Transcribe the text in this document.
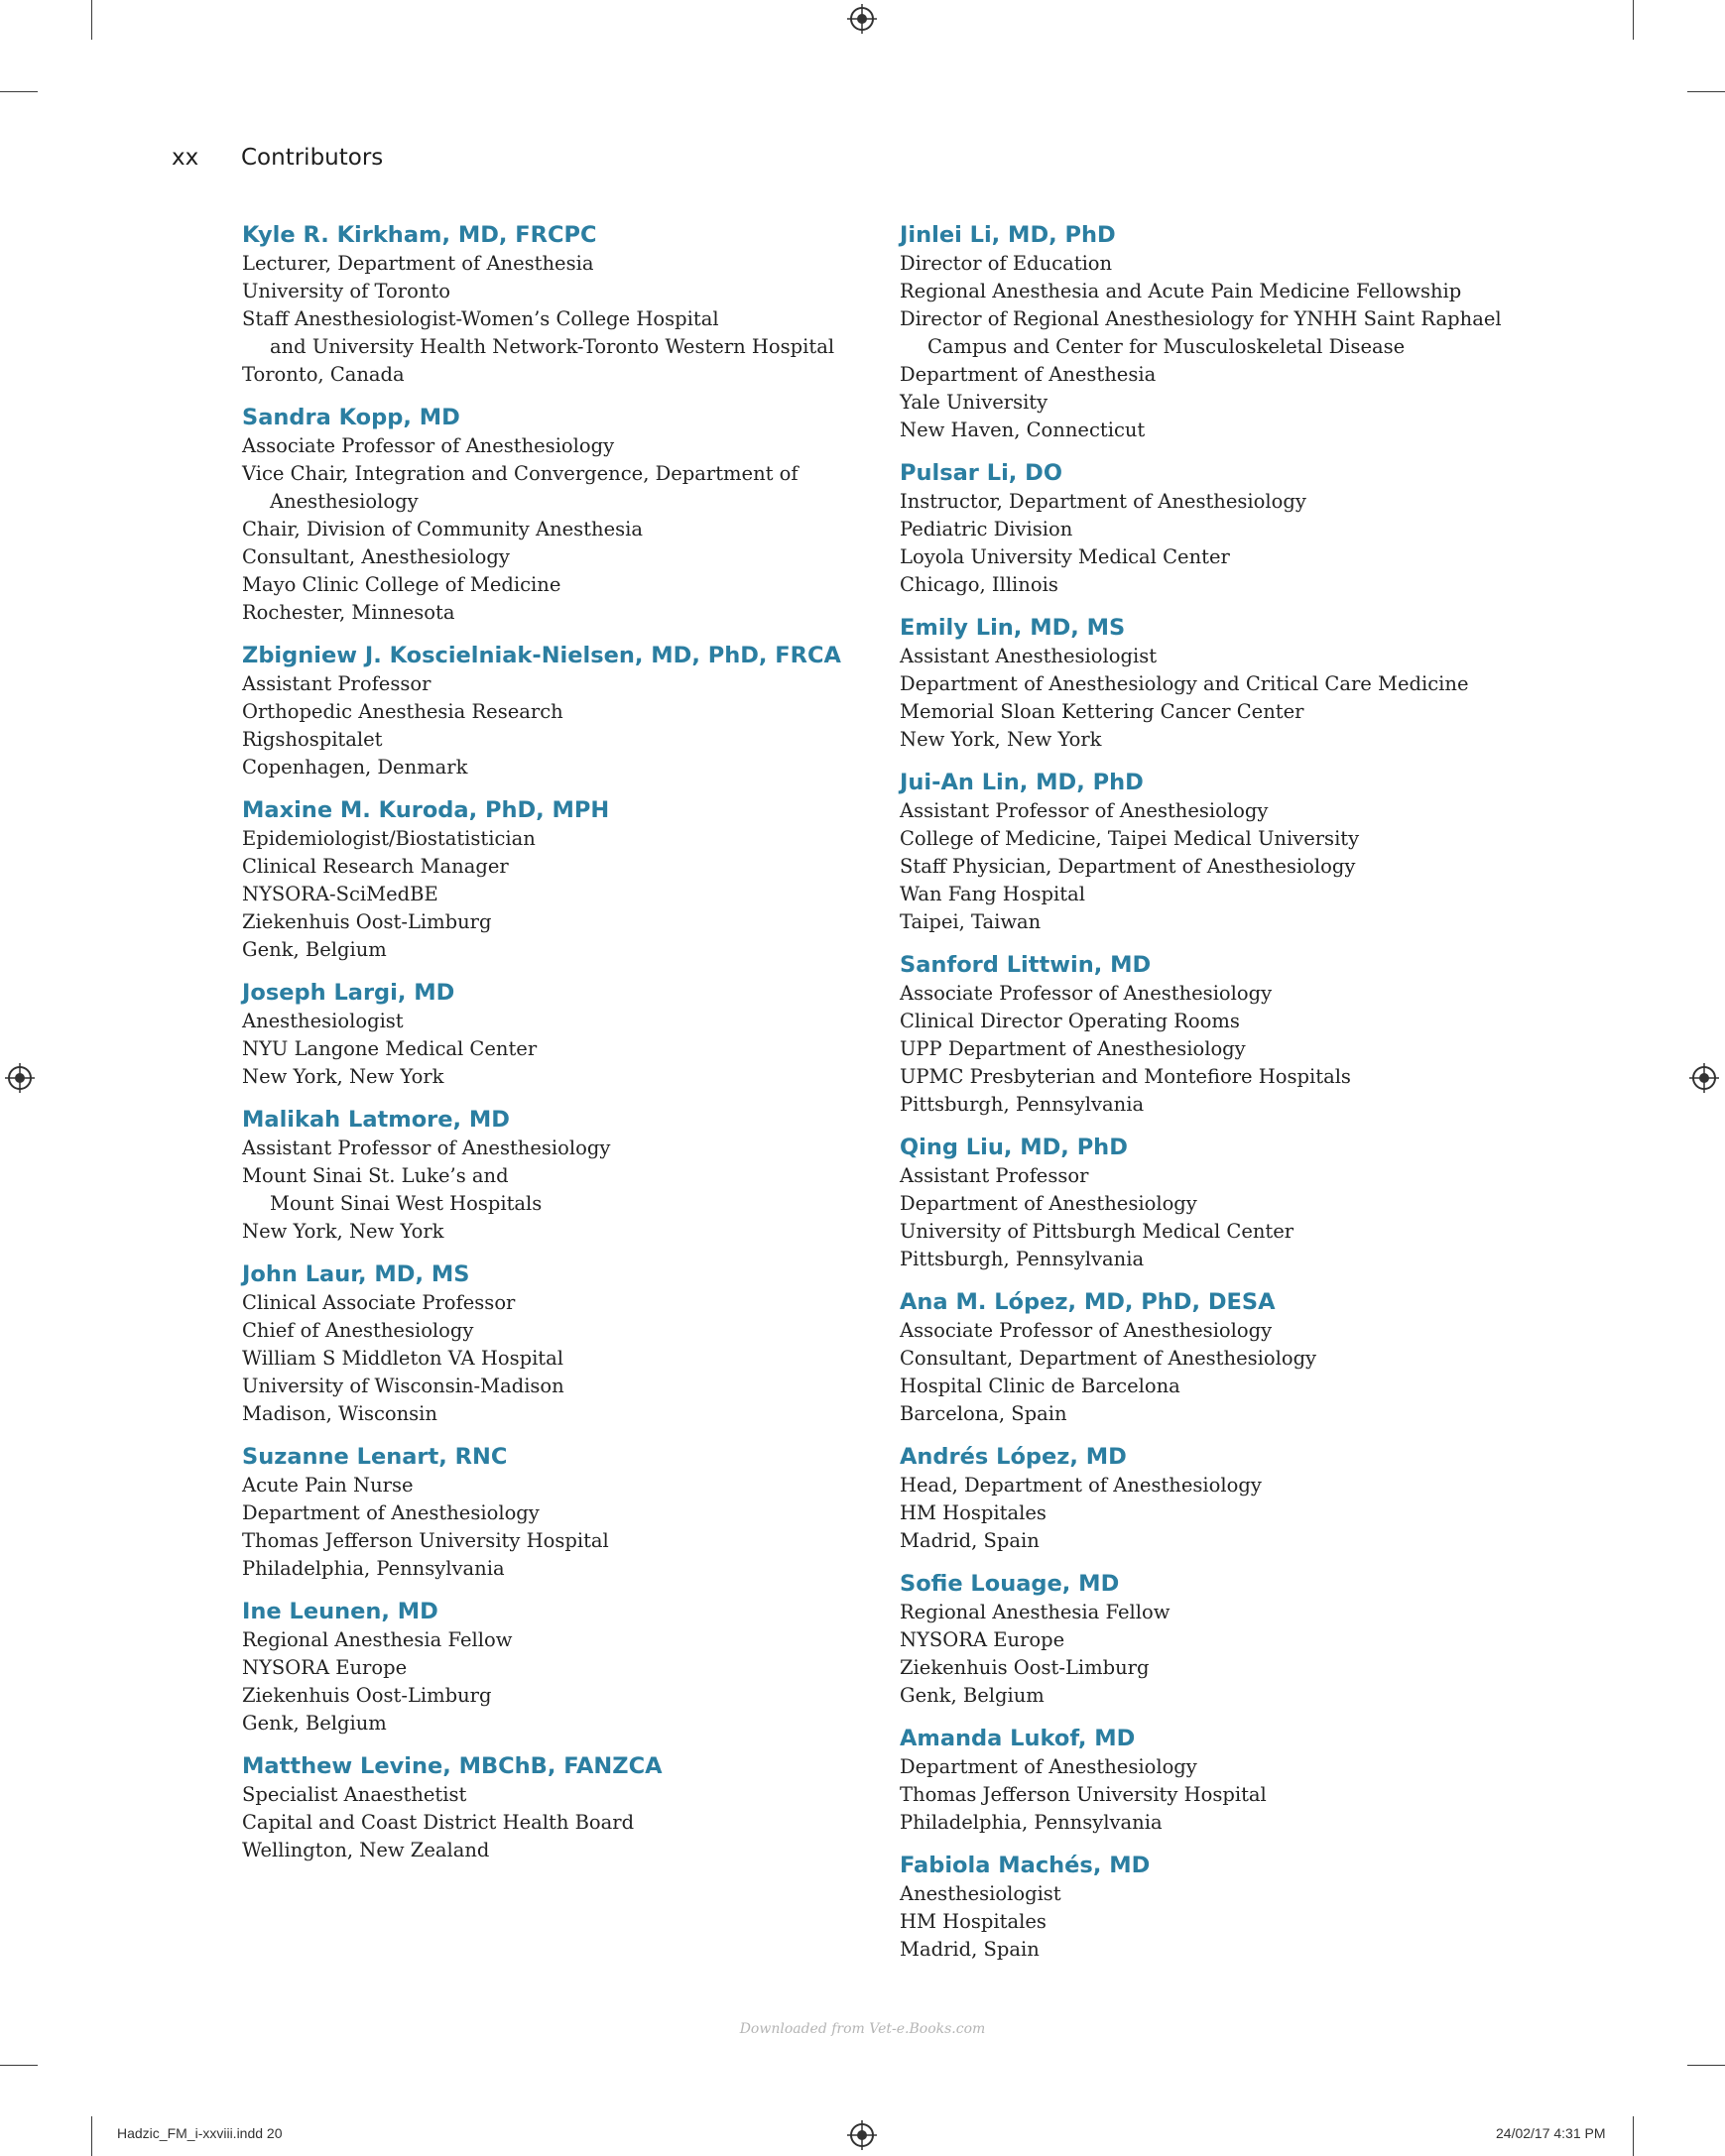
xx Contributors
Kyle R. Kirkham, MD, FRCPC
Lecturer, Department of Anesthesia
University of Toronto
Staff Anesthesiologist-Women’s College Hospital
and University Health Network-Toronto Western Hospital
Toronto, Canada
Sandra Kopp, MD
Associate Professor of Anesthesiology
Vice Chair, Integration and Convergence, Department of
Anesthesiology
Chair, Division of Community Anesthesia
Consultant, Anesthesiology
Mayo Clinic College of Medicine
Rochester, Minnesota
Zbigniew J. Koscielniak-Nielsen, MD, PhD, FRCA
Assistant Professor
Orthopedic Anesthesia Research
Rigshospitalet
Copenhagen, Denmark
Maxine M. Kuroda, PhD, MPH
Epidemiologist/Biostatistician
Clinical Research Manager
NYSORA-SciMedBE
Ziekenhuis Oost-Limburg
Genk, Belgium
Joseph Largi, MD
Anesthesiologist
NYU Langone Medical Center
New York, New York
Malikah Latmore, MD
Assistant Professor of Anesthesiology
Mount Sinai St. Luke’s and
Mount Sinai West Hospitals
New York, New York
John Laur, MD, MS
Clinical Associate Professor
Chief of Anesthesiology
William S Middleton VA Hospital
University of Wisconsin-Madison
Madison, Wisconsin
Suzanne Lenart, RNC
Acute Pain Nurse
Department of Anesthesiology
Thomas Jefferson University Hospital
Philadelphia, Pennsylvania
Ine Leunen, MD
Regional Anesthesia Fellow
NYSORA Europe
Ziekenhuis Oost-Limburg
Genk, Belgium
Matthew Levine, MBChB, FANZCA
Specialist Anaesthetist
Capital and Coast District Health Board
Wellington, New Zealand
Jinlei Li, MD, PhD
Director of Education
Regional Anesthesia and Acute Pain Medicine Fellowship
Director of Regional Anesthesiology for YNHH Saint Raphael
Campus and Center for Musculoskeletal Disease
Department of Anesthesia
Yale University
New Haven, Connecticut
Pulsar Li, DO
Instructor, Department of Anesthesiology
Pediatric Division
Loyola University Medical Center
Chicago, Illinois
Emily Lin, MD, MS
Assistant Anesthesiologist
Department of Anesthesiology and Critical Care Medicine
Memorial Sloan Kettering Cancer Center
New York, New York
Jui-An Lin, MD, PhD
Assistant Professor of Anesthesiology
College of Medicine, Taipei Medical University
Staff Physician, Department of Anesthesiology
Wan Fang Hospital
Taipei, Taiwan
Sanford Littwin, MD
Associate Professor of Anesthesiology
Clinical Director Operating Rooms
UPP Department of Anesthesiology
UPMC Presbyterian and Montefiore Hospitals
Pittsburgh, Pennsylvania
Qing Liu, MD, PhD
Assistant Professor
Department of Anesthesiology
University of Pittsburgh Medical Center
Pittsburgh, Pennsylvania
Ana M. López, MD, PhD, DESA
Associate Professor of Anesthesiology
Consultant, Department of Anesthesiology
Hospital Clinic de Barcelona
Barcelona, Spain
Andrés López, MD
Head, Department of Anesthesiology
HM Hospitales
Madrid, Spain
Sofie Louage, MD
Regional Anesthesia Fellow
NYSORA Europe
Ziekenhuis Oost-Limburg
Genk, Belgium
Amanda Lukof, MD
Department of Anesthesiology
Thomas Jefferson University Hospital
Philadelphia, Pennsylvania
Fabiola Machés, MD
Anesthesiologist
HM Hospitales
Madrid, Spain
Downloaded from Vet-e.Books.com
Hadzic_FM_i-xxviii.indd 20	24/02/17 4:31 PM
